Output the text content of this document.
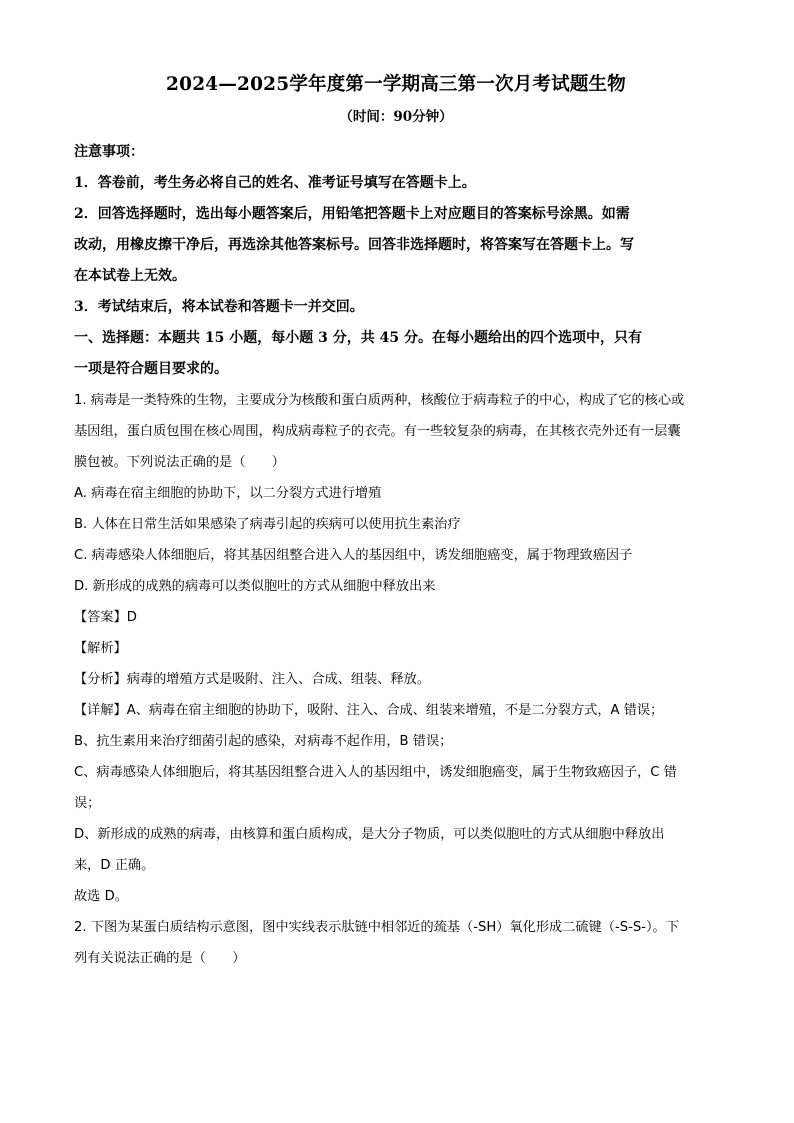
2024—2025学年度第一学期高三第一次月考试题生物
（时间：90分钟）

注意事项：

1．答卷前，考生务必将自己的姓名、准考证号填写在答题卡上。

2．回答选择题时，选出每小题答案后，用铅笔把答题卡上对应题目的答案标号涂黑。如需

改动，用橡皮擦干净后，再选涂其他答案标号。回答非选择题时，将答案写在答题卡上。写

在本试卷上无效。

3．考试结束后，将本试卷和答题卡一并交回。

一、选择题：本题共 15 小题，每小题 3 分，共 45 分。在每小题给出的四个选项中，只有

一项是符合题目要求的。

1. 病毒是一类特殊的生物，主要成分为核酸和蛋白质两种，核酸位于病毒粒子的中心，构成了它的核心或

基因组，蛋白质包围在核心周围，构成病毒粒子的衣壳。有一些较复杂的病毒，在其核衣壳外还有一层囊

膜包被。下列说法正确的是（　　）

A. 病毒在宿主细胞的协助下，以二分裂方式进行增殖

B. 人体在日常生活如果感染了病毒引起的疾病可以使用抗生素治疗

C. 病毒感染人体细胞后，将其基因组整合进入人的基因组中，诱发细胞癌变，属于物理致癌因子

D. 新形成的成熟的病毒可以类似胞吐的方式从细胞中释放出来

【答案】D

【解析】

【分析】病毒的增殖方式是吸附、注入、合成、组装、释放。

【详解】A、病毒在宿主细胞的协助下，吸附、注入、合成、组装来增殖，不是二分裂方式，A 错误；

B、抗生素用来治疗细菌引起的感染，对病毒不起作用，B 错误；

C、病毒感染人体细胞后，将其基因组整合进入人的基因组中，诱发细胞癌变，属于生物致癌因子，C 错

误；

D、新形成的成熟的病毒，由核算和蛋白质构成，是大分子物质，可以类似胞吐的方式从细胞中释放出

来，D 正确。

故选 D。

2. 下图为某蛋白质结构示意图，图中实线表示肽链中相邻近的巯基（-SH）氧化形成二硫键（-S-S-）。下

列有关说法正确的是（　　）
